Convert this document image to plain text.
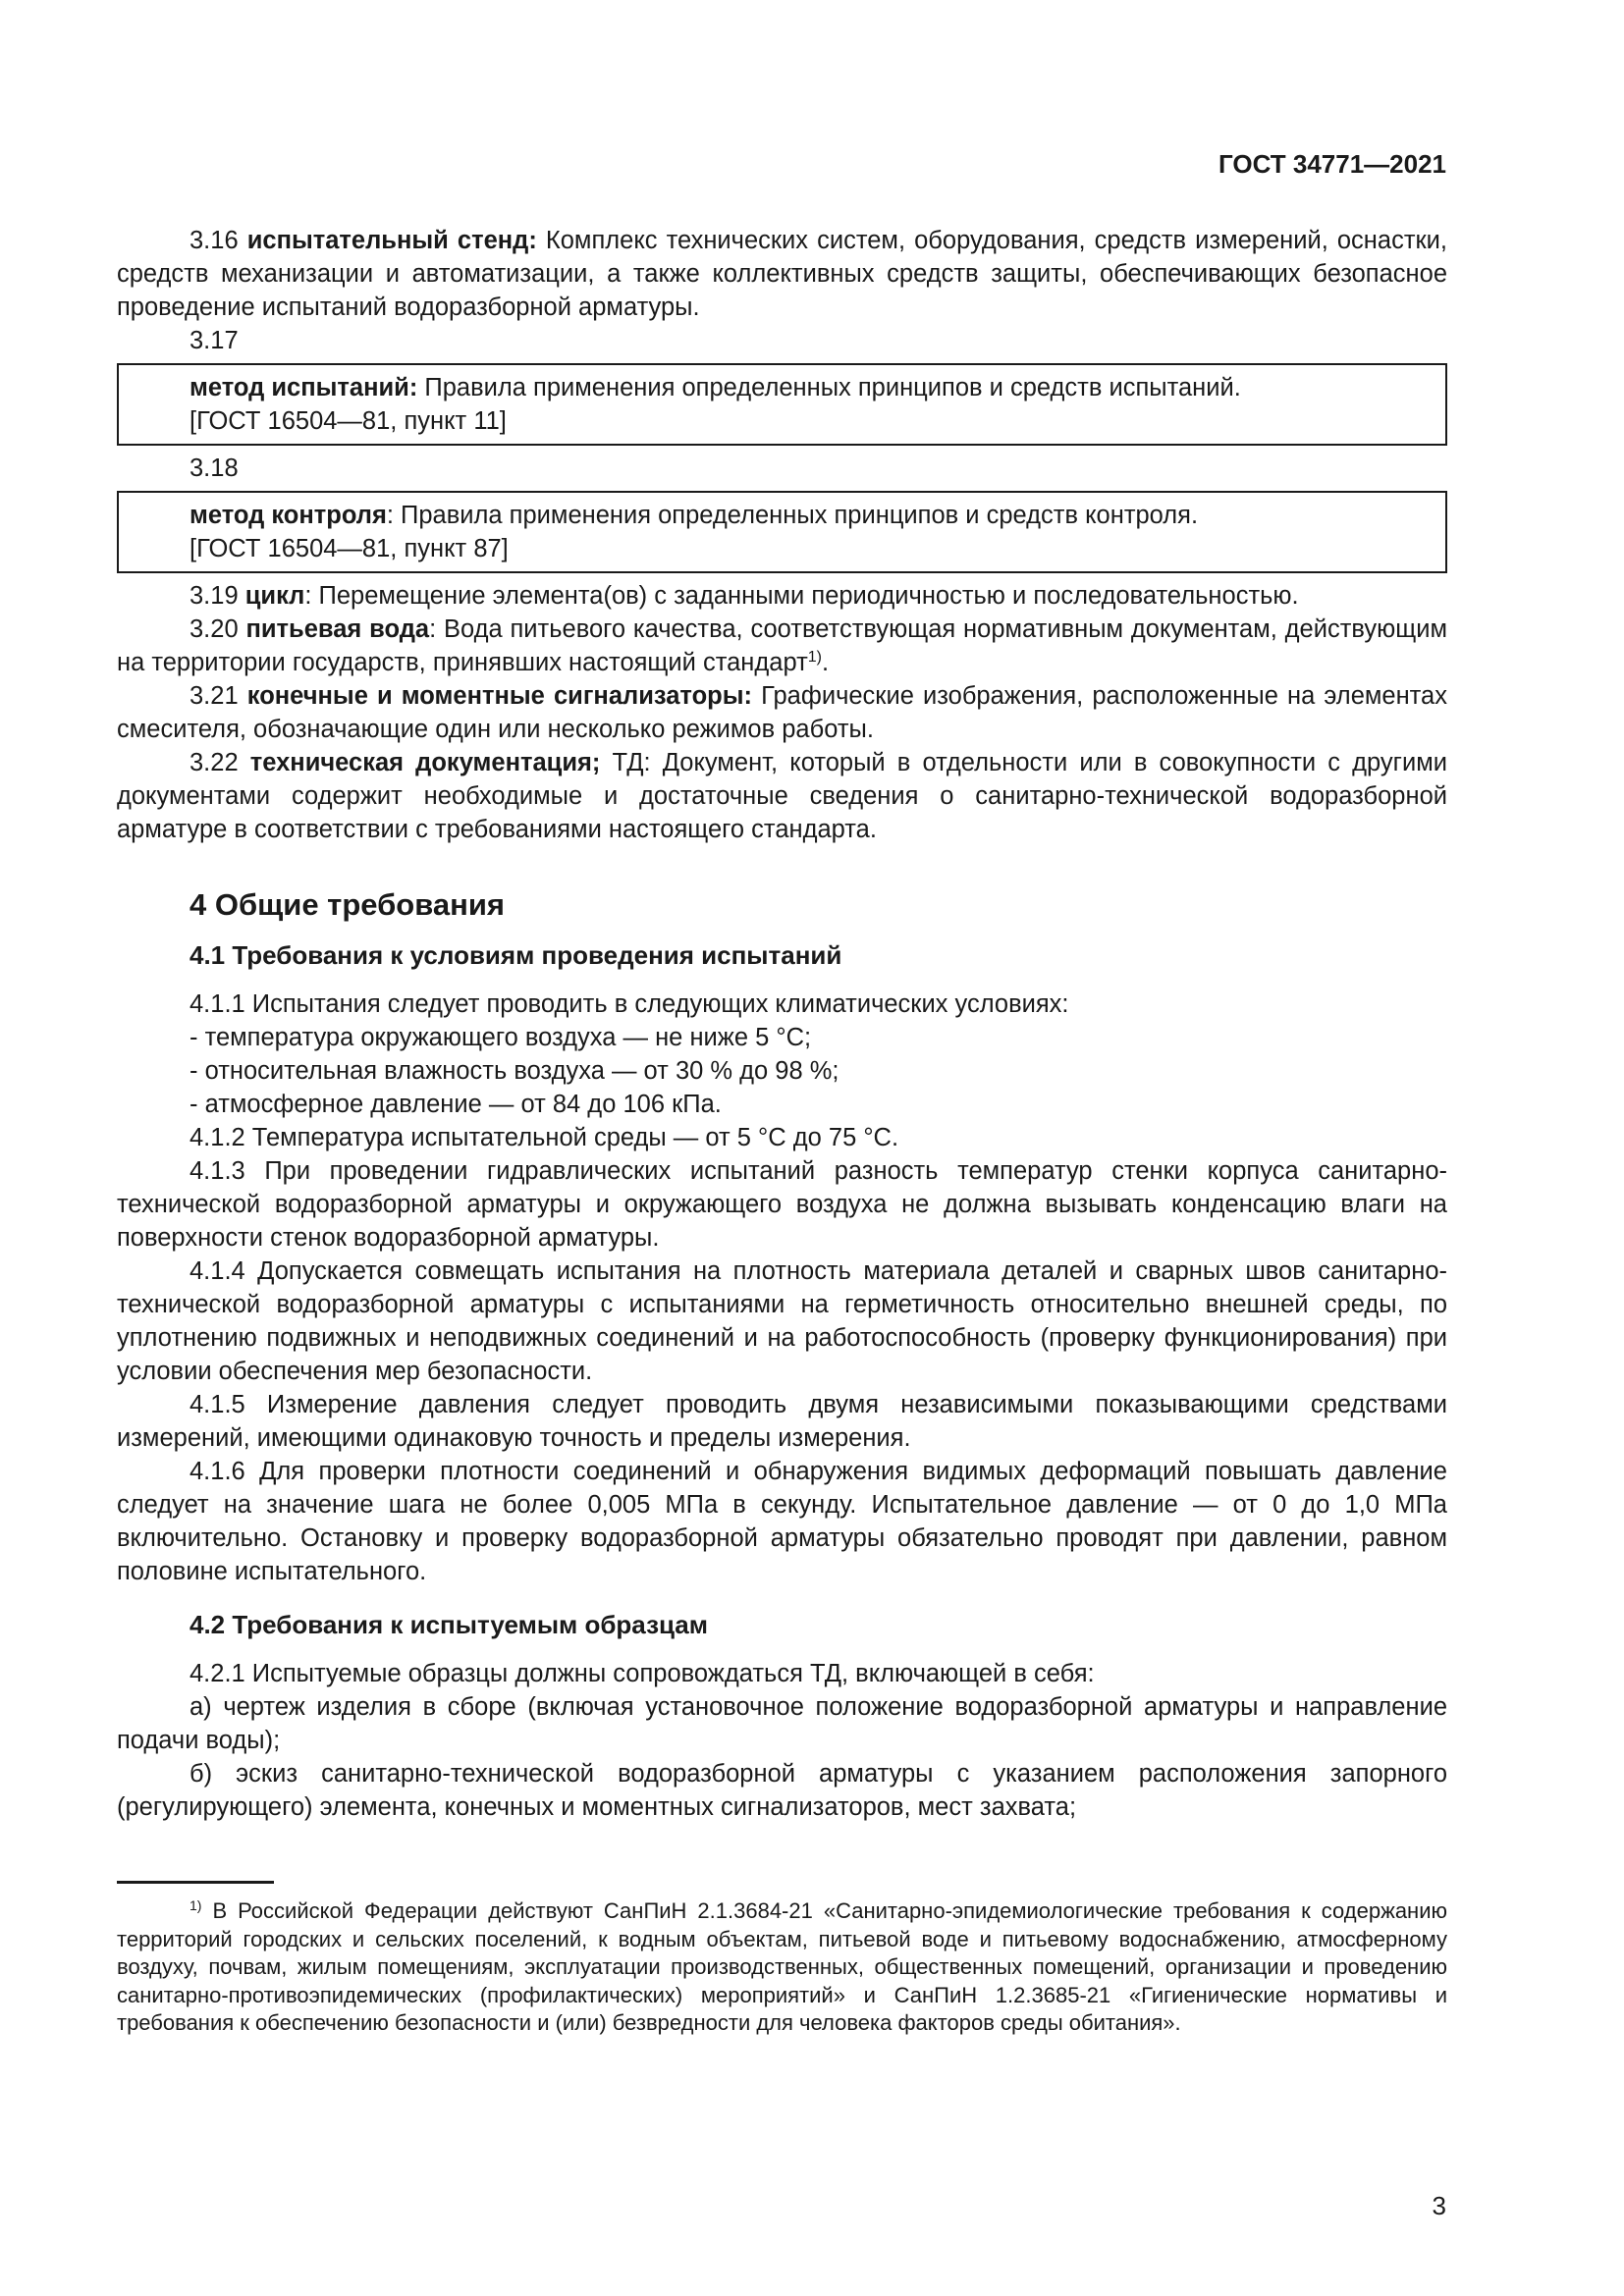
ГОСТ 34771—2021

3.16 испытательный стенд: Комплекс технических систем, оборудования, средств измерений, оснастки, средств механизации и автоматизации, а также коллективных средств защиты, обеспечивающих безопасное проведение испытаний водоразборной арматуры.

3.17

метод испытаний: Правила применения определенных принципов и средств испытаний.

[ГОСТ 16504—81, пункт 11]

3.18

метод контроля: Правила применения определенных принципов и средств контроля.

[ГОСТ 16504—81, пункт 87]

3.19 цикл: Перемещение элемента(ов) с заданными периодичностью и последовательностью.

3.20 питьевая вода: Вода питьевого качества, соответствующая нормативным документам, действующим на территории государств, принявших настоящий стандарт$^{1)}$.

3.21 конечные и моментные сигнализаторы: Графические изображения, расположенные на элементах смесителя, обозначающие один или несколько режимов работы.

3.22 техническая документация; ТД: Документ, который в отдельности или в совокупности с другими документами содержит необходимые и достаточные сведения о санитарно-технической водоразборной арматуре в соответствии с требованиями настоящего стандарта.

4 Общие требования
4.1 Требования к условиям проведения испытаний

4.1.1 Испытания следует проводить в следующих климатических условиях:

- температура окружающего воздуха — не ниже 5 °С;

- относительная влажность воздуха — от 30 % до 98 %;

- атмосферное давление — от 84 до 106 кПа.

4.1.2 Температура испытательной среды — от 5 °С до 75 °С.

4.1.3 При проведении гидравлических испытаний разность температур стенки корпуса санитарно-технической водоразборной арматуры и окружающего воздуха не должна вызывать конденсацию влаги на поверхности стенок водоразборной арматуры.

4.1.4 Допускается совмещать испытания на плотность материала деталей и сварных швов санитарно-технической водоразборной арматуры с испытаниями на герметичность относительно внешней среды, по уплотнению подвижных и неподвижных соединений и на работоспособность (проверку функционирования) при условии обеспечения мер безопасности.

4.1.5 Измерение давления следует проводить двумя независимыми показывающими средствами измерений, имеющими одинаковую точность и пределы измерения.

4.1.6 Для проверки плотности соединений и обнаружения видимых деформаций повышать давление следует на значение шага не более 0,005 МПа в секунду. Испытательное давление — от 0 до 1,0 МПа включительно. Остановку и проверку водоразборной арматуры обязательно проводят при давлении, равном половине испытательного.

4.2 Требования к испытуемым образцам

4.2.1 Испытуемые образцы должны сопровождаться ТД, включающей в себя:

а) чертеж изделия в сборе (включая установочное положение водоразборной арматуры и направление подачи воды);

б) эскиз санитарно-технической водоразборной арматуры с указанием расположения запорного (регулирующего) элемента, конечных и моментных сигнализаторов, мест захвата;

$^{1)}$ В Российской Федерации действуют СанПиН 2.1.3684-21 «Санитарно-эпидемиологические требования к содержанию территорий городских и сельских поселений, к водным объектам, питьевой воде и питьевому водоснабжению, атмосферному воздуху, почвам, жилым помещениям, эксплуатации производственных, общественных помещений, организации и проведению санитарно-противоэпидемических (профилактических) мероприятий» и СанПиН 1.2.3685-21 «Гигиенические нормативы и требования к обеспечению безопасности и (или) безвредности для человека факторов среды обитания».

3
